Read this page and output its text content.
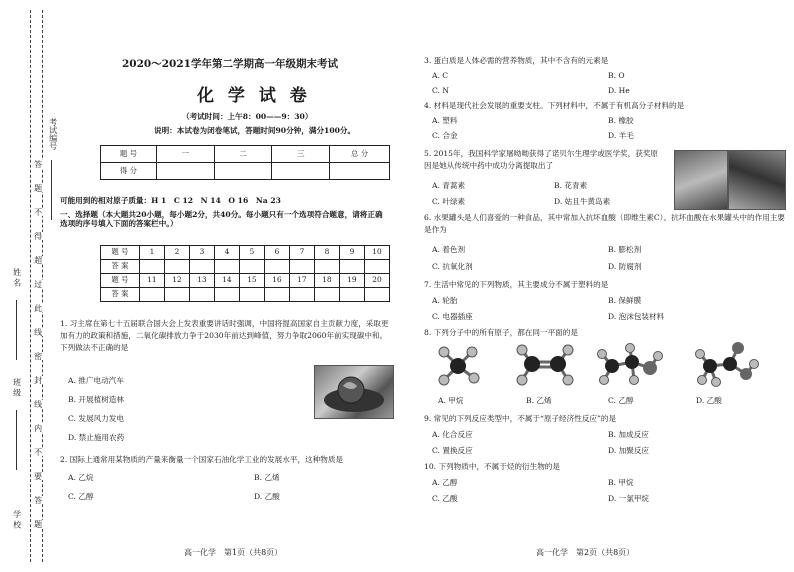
答
题
不
得
超
过
此
线
密
封
线
内
不
要
答
题
考试编号
姓 名
班 级
学 校
2020～2021学年第二学期高一年级期末考试
化 学 试 卷
（考试时间：上午8：00——9：30）
说明：本试卷为闭卷笔试，答题时间90分钟，满分100分。
题 号	一	二	三	总 分
得 分				
可能用到的相对原子质量：H 1　C 12　N 14　O 16　Na 23
一、选择题（本大题共20小题，每小题2分，共40分。每小题只有一个选项符合题意，请将正确选项的序号填入下面的答案栏中。）
题 号	1	2	3	4	5	6	7	8	9	10
答 案										
题 号	11	12	13	14	15	16	17	18	19	20
答 案										
1. 习主席在第七十五届联合国大会上发表重要讲话时强调，中国将提高国家自主贡献力度，采取更加有力的政策和措施，二氧化碳排放力争于2030年前达到峰值，努力争取2060年前实现碳中和。下列做法不正确的是
A. 推广电动汽车
B. 开展植树造林
C. 发展风力发电
D. 禁止施用农药
2. 国际上通常用某物质的产量来衡量一个国家石油化学工业的发展水平，这种物质是
A. 乙烷	B. 乙烯
C. 乙醇	D. 乙酸
高一化学　第1页（共8页）
3. 蛋白质是人体必需的营养物质，其中不含有的元素是
A. C	B. O
C. N	D. He
4. 材料是现代社会发展的重要支柱。下列材料中，不属于有机高分子材料的是
A. 塑料	B. 橡胶
C. 合金	D. 羊毛
5. 2015年，我国科学家屠呦呦获得了诺贝尔生理学或医学奖，获奖原因是她从传统中药中成功分离提取出了
A. 青蒿素	B. 花青素
C. 叶绿素	D. 姑且牛黄岛素
6. 水果罐头是人们喜爱的一种食品，其中常加入抗坏血酸（即维生素C）。抗坏血酸在水果罐头中的作用主要是作为
A. 着色剂	B. 膨松剂
C. 抗氧化剂	D. 防腐剂
7. 生活中常见的下列物质，其主要成分不属于塑料的是
A. 轮胎	B. 保鲜膜
C. 电器插座	D. 泡沫包装材料
8. 下列分子中的所有原子，都在同一平面的是
A. 甲烷	B. 乙烯	C. 乙醇	D. 乙酸
9. 常见的下列反应类型中，不属于“原子经济性反应”的是
A. 化合反应	B. 加成反应
C. 置换反应	D. 加聚反应
10. 下列物质中，不属于烃的衍生物的是
A. 乙醇	B. 甲烷
C. 乙酸	D. 一氯甲烷
高一化学　第2页（共8页）
